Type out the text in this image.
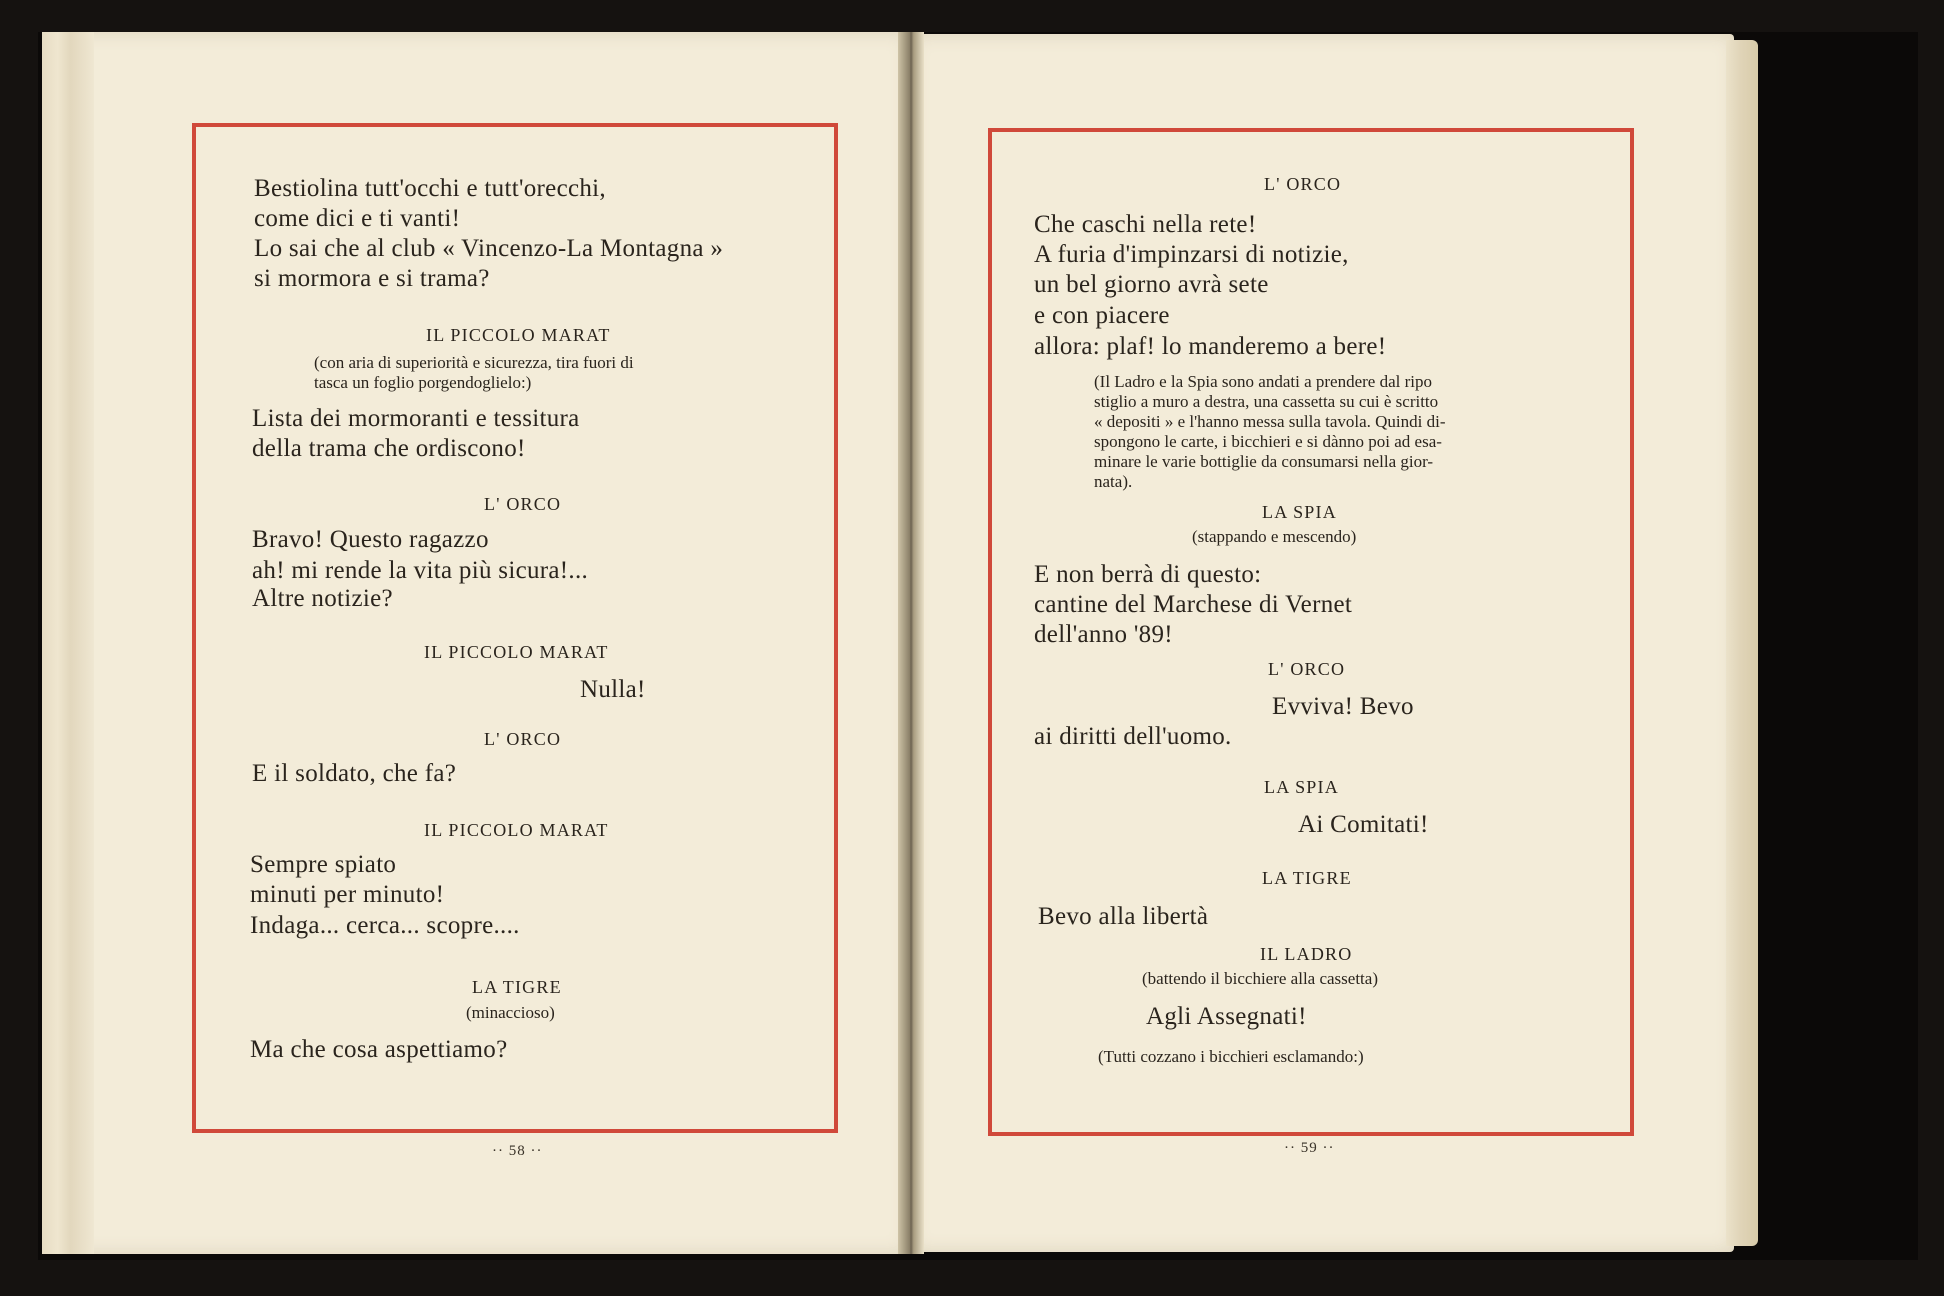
Bestiolina tutt'occhi e tutt'orecchi,
come dici e ti vanti!
Lo sai che al club « Vincenzo-La Montagna »
si mormora e si trama?
IL PICCOLO MARAT
(con aria di superiorità e sicurezza, tira fuori di
tasca un foglio porgendoglielo:)
Lista dei mormoranti e tessitura
della trama che ordiscono!
L' ORCO
Bravo! Questo ragazzo
ah! mi rende la vita più sicura!...
Altre notizie?
IL PICCOLO MARAT
Nulla!
L' ORCO
E il soldato, che fa?
IL PICCOLO MARAT
Sempre spiato
minuti per minuto!
Indaga... cerca... scopre....
LA TIGRE
(minaccioso)
Ma che cosa aspettiamo?
·· 58 ··
L' ORCO
Che caschi nella rete!
A furia d'impinzarsi di notizie,
un bel giorno avrà sete
e con piacere
allora: plaf! lo manderemo a bere!
(Il Ladro e la Spia sono andati a prendere dal ripo
stiglio a muro a destra, una cassetta su cui è scritto
« depositi » e l'hanno messa sulla tavola. Quindi di-
spongono le carte, i bicchieri e si dànno poi ad esa-
minare le varie bottiglie da consumarsi nella gior-
nata).
LA SPIA
(stappando e mescendo)
E non berrà di questo:
cantine del Marchese di Vernet
dell'anno '89!
L' ORCO
Evviva! Bevo
ai diritti dell'uomo.
LA SPIA
Ai Comitati!
LA TIGRE
Bevo alla libertà
IL LADRO
(battendo il bicchiere alla cassetta)
Agli Assegnati!
(Tutti cozzano i bicchieri esclamando:)
·· 59 ··
